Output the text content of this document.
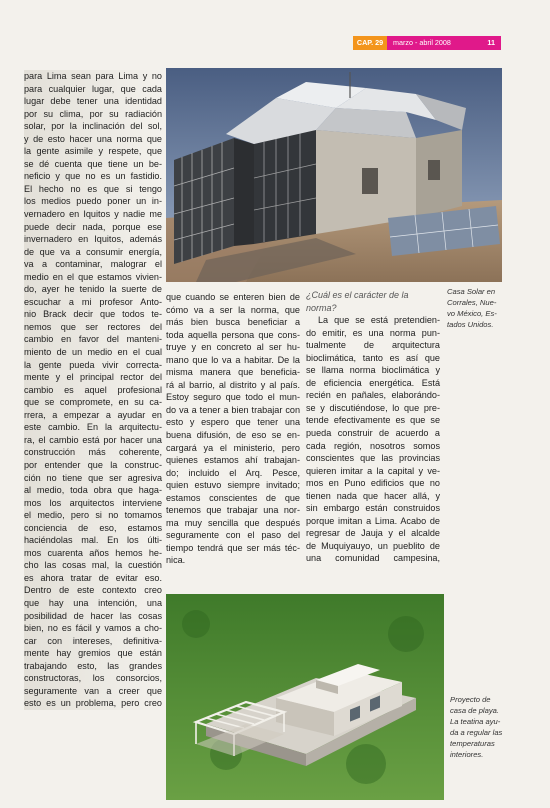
CAP. 29	marzo - abril 2008	11
Casa Solar en
Corrales, Nue-
vo México, Es-
tados Unidos.
para Lima sean para Lima y no
para cualquier lugar, que cada
lugar debe tener una identidad
por su clima, por su radiación
solar, por la inclinación del sol,
y de esto hacer una norma que
la gente asimile y respete, que
se dé cuenta que tiene un be-
neficio y que no es un fastidio.
El hecho no es que si tengo
los medios puedo poner un in-
vernadero en Iquitos y nadie me
puede decir nada, porque ese
invernadero en Iquitos, además
de que va a consumir energía,
va a contaminar, malograr el
medio en el que estamos vivien-
do, ayer he tenido la suerte de
escuchar a mi profesor Anto-
nio Brack decir que todos te-
nemos que ser rectores del
cambio en favor del manteni-
miento de un medio en el cual
la gente pueda vivir correcta-
mente y el principal rector del
cambio es aquel profesional
que se compromete, en su ca-
rrera, a empezar a ayudar en
este cambio. En la arquitectu-
ra, el cambio está por hacer una
construcción más coherente,
por entender que la construc-
ción no tiene que ser agresiva
al medio, toda obra que haga-
mos los arquitectos interviene
el medio, pero si no tomamos
conciencia de eso, estamos
haciéndolas mal. En los últi-
mos cuarenta años hemos he-
cho las cosas mal, la cuestión
es ahora tratar de evitar eso.
Dentro de este contexto creo
que hay una intención, una
posibilidad de hacer las cosas
bien, no es fácil y vamos a cho-
car con intereses, definitiva-
mente hay gremios que están
trabajando esto, las grandes
constructoras, los consorcios,
seguramente van a creer que
esto es un problema, pero creo
que cuando se enteren bien de
cómo va a ser la norma, que
más bien busca beneficiar a
toda aquella persona que cons-
truye y en concreto al ser hu-
mano que lo va a habitar. De la
misma manera que beneficia-
rá al barrio, al distrito y al país.
Estoy seguro que todo el mun-
do va a tener a bien trabajar con
esto y espero que tener una
buena difusión, de eso se en-
cargará ya el ministerio, pero
quienes estamos ahí trabajan-
do; incluido el Arq. Pesce,
quien estuvo siempre invitado;
estamos conscientes de que
tenemos que trabajar una nor-
ma muy sencilla que después
seguramente con el paso del
tiempo tendrá que ser más téc-
nica.
¿Cuál es el carácter de la
norma?
La que se está pretendien-
do emitir, es una norma pun-
tualmente de arquitectura
bioclimática, tanto es así que
se llama norma bioclimática y
de eficiencia energética. Está
recién en pañales, elaborándo-
se y discutiéndose, lo que pre-
tende efectivamente es que se
pueda construir de acuerdo a
cada región, nosotros somos
conscientes que las provincias
quieren imitar a la capital y ve-
mos en Puno edificios que no
tienen nada que hacer allá, y
sin embargo están construidos
porque imitan a Lima. Acabo de
regresar de Jauja y el alcalde
de Muquiyauyo, un pueblito de
una comunidad campesina,
Proyecto de
casa de playa.
La teatina ayu-
da a regular las
temperaturas
interiores.
